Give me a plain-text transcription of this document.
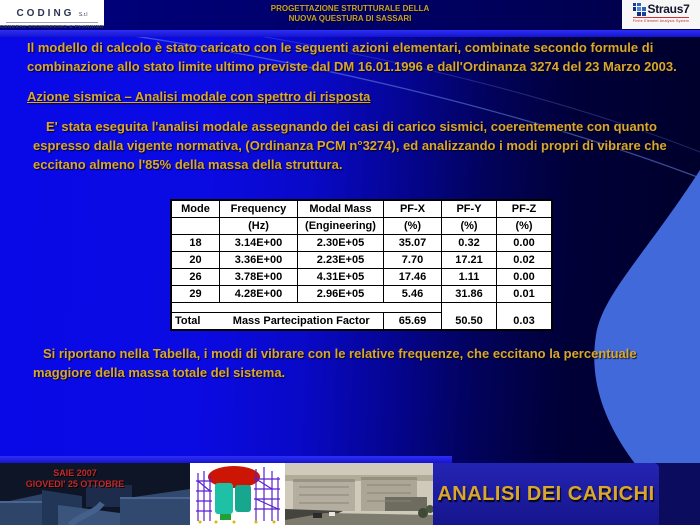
CODING S.r.l
GENERAL ENGINEERING & PLANNING
PROGETTAZIONE STRUTTURALE DELLA
NUOVA QUESTURA DI SASSARI
Straus7
Finite Element Analysis System
Il modello di calcolo è stato caricato con le seguenti azioni elementari, combinate secondo formule di combinazione allo stato limite ultimo previste dal DM 16.01.1996 e dall'Ordinanza 3274 del 23 Marzo 2003.
Azione sismica – Analisi modale con spettro di risposta
E' stata eseguita l'analisi modale assegnando dei casi di carico sismici, coerentemente con quanto espresso dalla vigente normativa, (Ordinanza PCM n°3274), ed analizzando i modi propri di vibrare che eccitano almeno l'85% della massa della struttura.
Mode	Frequency	Modal Mass	PF-X	PF-Y	PF-Z
	(Hz)	(Engineering)	(%)	(%)	(%)
18	3.14E+00	2.30E+05	35.07	0.32	0.00
20	3.36E+00	2.23E+05	7.70	17.21	0.02
26	3.78E+00	4.31E+05	17.46	1.11	0.00
29	4.28E+00	2.96E+05	5.46	31.86	0.01

Total	Mass Partecipation Factor		65.69	50.50	0.03
Si riportano nella Tabella, i modi di vibrare con le relative frequenze, che eccitano la percentuale maggiore della massa totale del sistema.
SAIE 2007
GIOVEDI' 25 OTTOBRE	ANALISI DEI CARICHI
